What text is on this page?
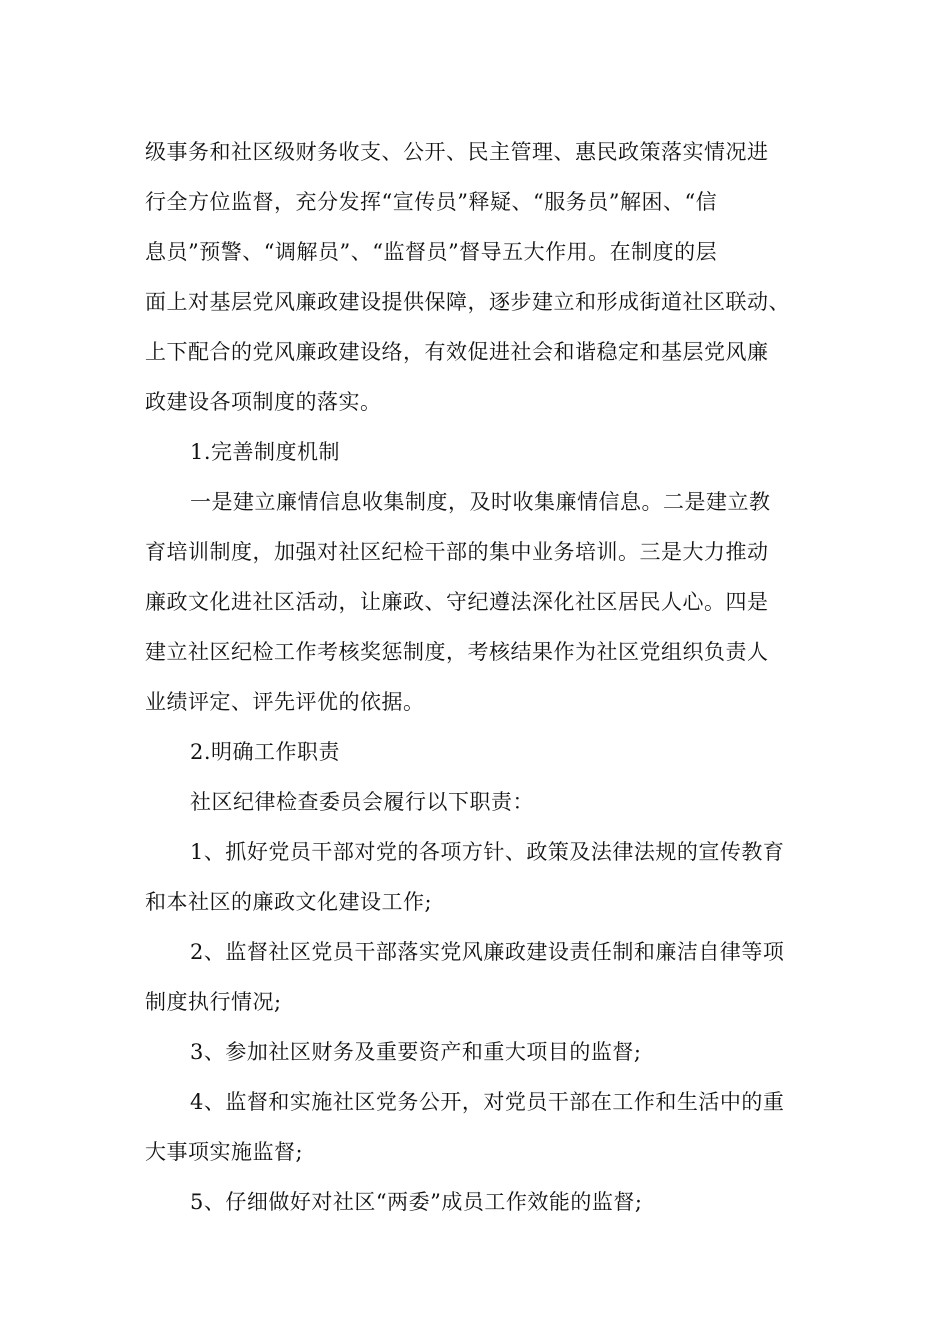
级事务和社区级财务收支、公开、民主管理、惠民政策落实情况进
行全方位监督，充分发挥“宣传员”释疑、“服务员”解困、“信
息员”预警、“调解员”、“监督员”督导五大作用。在制度的层
面上对基层党风廉政建设提供保障，逐步建立和形成街道社区联动、
上下配合的党风廉政建设络，有效促进社会和谐稳定和基层党风廉
政建设各项制度的落实。
1.完善制度机制
一是建立廉情信息收集制度，及时收集廉情信息。二是建立教
育培训制度，加强对社区纪检干部的集中业务培训。三是大力推动
廉政文化进社区活动，让廉政、守纪遵法深化社区居民人心。四是
建立社区纪检工作考核奖惩制度，考核结果作为社区党组织负责人
业绩评定、评先评优的依据。
2.明确工作职责
社区纪律检查委员会履行以下职责：
1、抓好党员干部对党的各项方针、政策及法律法规的宣传教育
和本社区的廉政文化建设工作;
2、监督社区党员干部落实党风廉政建设责任制和廉洁自律等项
制度执行情况;
3、参加社区财务及重要资产和重大项目的监督;
4、监督和实施社区党务公开，对党员干部在工作和生活中的重
大事项实施监督;
5、仔细做好对社区“两委”成员工作效能的监督;
